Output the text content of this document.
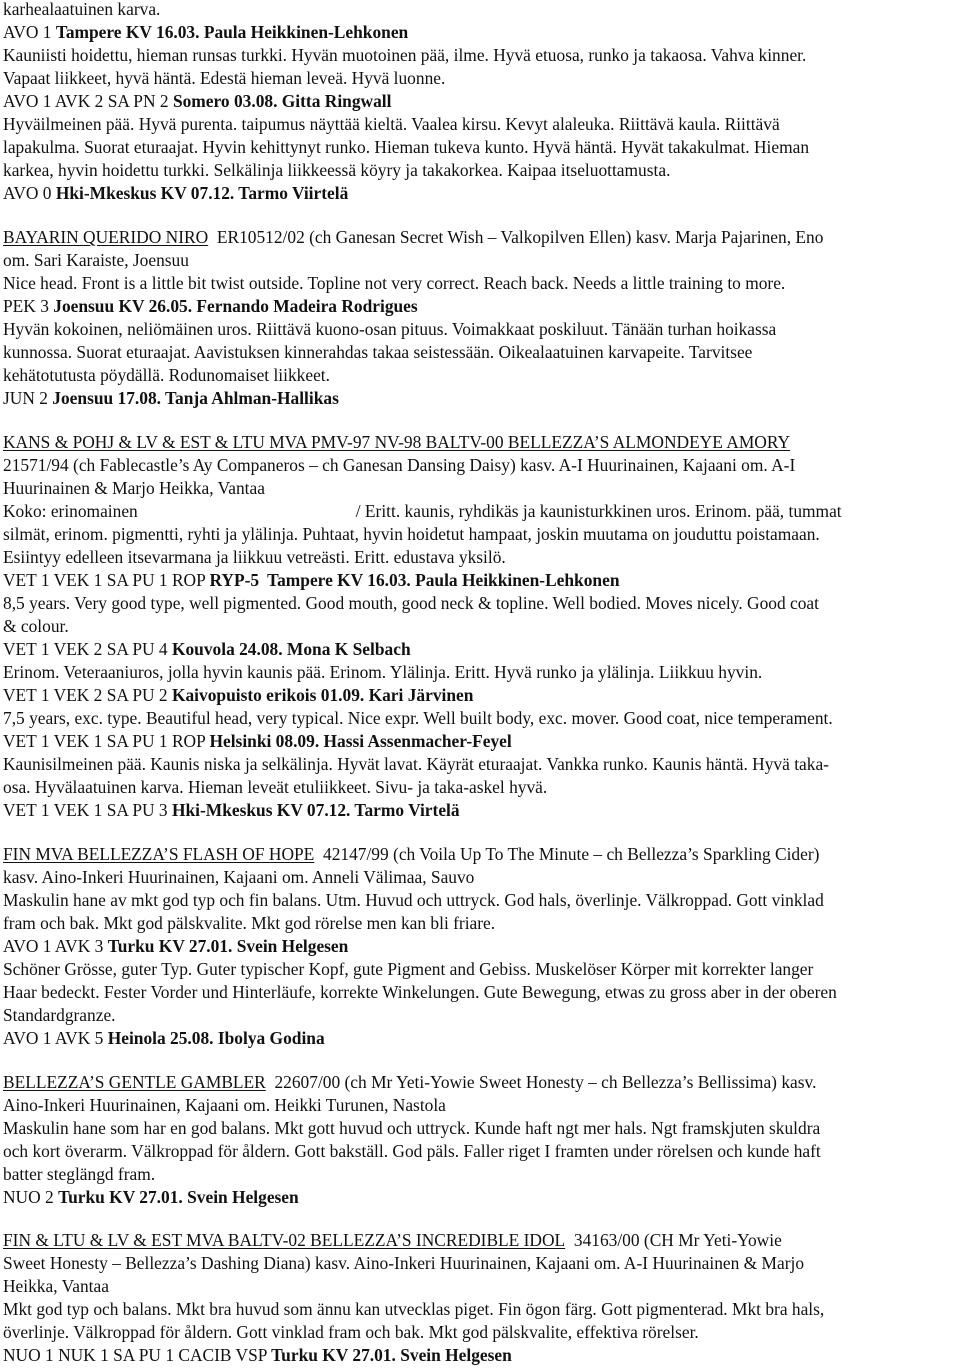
karhealaatuinen karva.
AVO 1 Tampere KV 16.03. Paula Heikkinen-Lehkonen
Kauniisti hoidettu, hieman runsas turkki. Hyvän muotoinen pää, ilme. Hyvä etuosa, runko ja takaosa. Vahva kinner.
Vapaat liikkeet, hyvä häntä. Edestä hieman leveä. Hyvä luonne.
AVO 1 AVK 2 SA PN 2 Somero 03.08. Gitta Ringwall
Hyväilmeinen pää. Hyvä purenta. taipumus näyttää kieltä. Vaalea kirsu. Kevyt alaleuka. Riittävä kaula. Riittävä
lapakulma. Suorat eturaajat. Hyvin kehittynyt runko. Hieman tukeva kunto. Hyvä häntä. Hyvät takakulmat. Hieman
karkea, hyvin hoidettu turkki. Selkälinja liikkeessä köyry ja takakorkea. Kaipaa itseluottamusta.
AVO 0 Hki-Mkeskus KV 07.12. Tarmo Viirtelä
BAYARIN QUERIDO NIRO ER10512/02 (ch Ganesan Secret Wish – Valkopilven Ellen) kasv. Marja Pajarinen, Eno
om. Sari Karaiste, Joensuu
Nice head. Front is a little bit twist outside. Topline not very correct. Reach back. Needs a little training to more.
PEK 3 Joensuu KV 26.05. Fernando Madeira Rodrigues
Hyvän kokoinen, neliömäinen uros. Riittävä kuono-osan pituus. Voimakkaat poskiluut. Tänään turhan hoikassa
kunnossa. Suorat eturaajat. Aavistuksen kinnerahdas takaa seistessään. Oikealaatuinen karvapeite. Tarvitsee
kehätotutusta pöydällä. Rodunomaiset liikkeet.
JUN 2 Joensuu 17.08. Tanja Ahlman-Hallikas
KANS & POHJ & LV & EST & LTU MVA PMV-97 NV-98 BALTV-00 BELLEZZA’S ALMONDEYE AMORY
21571/94 (ch Fablecastle’s Ay Companeros – ch Ganesan Dansing Daisy) kasv. A-I Huurinainen, Kajaani om. A-I
Huurinainen & Marjo Heikka, Vantaa
Koko: erinomainen	/ Eritt. kaunis, ryhdikäs ja kaunisturkkinen uros. Erinom. pää, tummat
silmät, erinom. pigmentti, ryhti ja ylälinja. Puhtaat, hyvin hoidetut hampaat, joskin muutama on jouduttu poistamaan.
Esiintyy edelleen itsevarmana ja liikkuu vetreästi. Eritt. edustava yksilö.
VET 1 VEK 1 SA PU 1 ROP RYP-5 Tampere KV 16.03. Paula Heikkinen-Lehkonen
8,5 years. Very good type, well pigmented. Good mouth, good neck & topline. Well bodied. Moves nicely. Good coat
& colour.
VET 1 VEK 2 SA PU 4 Kouvola 24.08. Mona K Selbach
Erinom. Veteraaniuros, jolla hyvin kaunis pää. Erinom. Ylälinja. Eritt. Hyvä runko ja ylälinja. Liikkuu hyvin.
VET 1 VEK 2 SA PU 2 Kaivopuisto erikois 01.09. Kari Järvinen
7,5 years, exc. type. Beautiful head, very typical. Nice expr. Well built body, exc. mover. Good coat, nice temperament.
VET 1 VEK 1 SA PU 1 ROP Helsinki 08.09. Hassi Assenmacher-Feyel
Kaunisilmeinen pää. Kaunis niska ja selkälinja. Hyvät lavat. Käyrät eturaajat. Vankka runko. Kaunis häntä. Hyvä taka-
osa. Hyvälaatuinen karva. Hieman leveät etuliikkeet. Sivu- ja taka-askel hyvä.
VET 1 VEK 1 SA PU 3 Hki-Mkeskus KV 07.12. Tarmo Virtelä
FIN MVA BELLEZZA’S FLASH OF HOPE 42147/99 (ch Voila Up To The Minute – ch Bellezza’s Sparkling Cider)
kasv. Aino-Inkeri Huurinainen, Kajaani om. Anneli Välimaa, Sauvo
Maskulin hane av mkt god typ och fin balans. Utm. Huvud och uttryck. God hals, överlinje. Välkroppad. Gott vinklad
fram och bak. Mkt god pälskvalite. Mkt god rörelse men kan bli friare.
AVO 1 AVK 3 Turku KV 27.01. Svein Helgesen
Schöner Grösse, guter Typ. Guter typischer Kopf, gute Pigment and Gebiss. Muskelöser Körper mit korrekter langer
Haar bedeckt. Fester Vorder und Hinterläufe, korrekte Winkelungen. Gute Bewegung, etwas zu gross aber in der oberen
Standardgranze.
AVO 1 AVK 5 Heinola 25.08. Ibolya Godina
BELLEZZA’S GENTLE GAMBLER 22607/00 (ch Mr Yeti-Yowie Sweet Honesty – ch Bellezza’s Bellissima) kasv.
Aino-Inkeri Huurinainen, Kajaani om. Heikki Turunen, Nastola
Maskulin hane som har en god balans. Mkt gott huvud och uttryck. Kunde haft ngt mer hals. Ngt framskjuten skuldra
och kort överarm. Välkroppad för åldern. Gott bakställ. God päls. Faller riget I framten under rörelsen och kunde haft
batter steglängd fram.
NUO 2 Turku KV 27.01. Svein Helgesen
FIN & LTU & LV & EST MVA BALTV-02 BELLEZZA’S INCREDIBLE IDOL 34163/00 (CH Mr Yeti-Yowie
Sweet Honesty – Bellezza’s Dashing Diana) kasv. Aino-Inkeri Huurinainen, Kajaani om. A-I Huurinainen & Marjo
Heikka, Vantaa
Mkt god typ och balans. Mkt bra huvud som ännu kan utvecklas piget. Fin ögon färg. Gott pigmenterad. Mkt bra hals,
överlinje. Välkroppad för åldern. Gott vinklad fram och bak. Mkt god pälskvalite, effektiva rörelser.
NUO 1 NUK 1 SA PU 1 CACIB VSP Turku KV 27.01. Svein Helgesen
